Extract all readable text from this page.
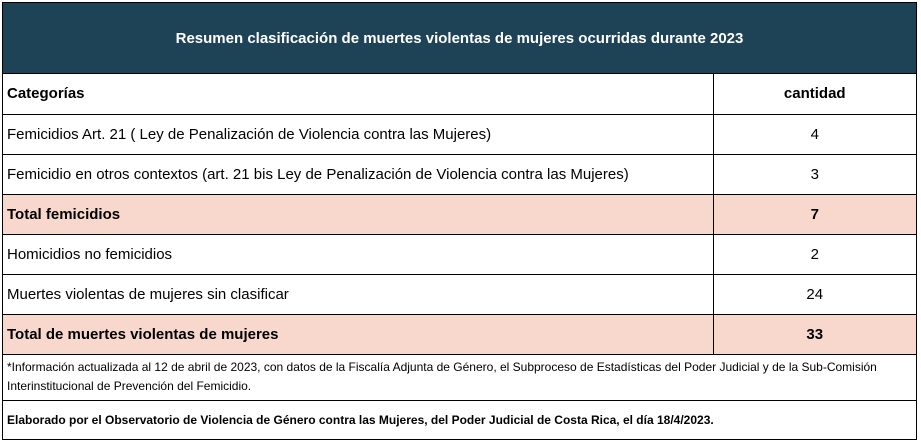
Resumen clasificación de muertes violentas de mujeres ocurridas durante 2023
Categorías	cantidad
Femicidios Art. 21 ( Ley de Penalización de Violencia contra las Mujeres)	4
Femicidio en otros contextos (art. 21 bis Ley de Penalización de Violencia contra las Mujeres)	3
Total femicidios	7
Homicidios no femicidios	2
Muertes violentas de mujeres sin clasificar	24
Total de muertes violentas de mujeres	33
*Información actualizada al 12 de abril de 2023, con datos de la Fiscalía Adjunta de Género, el Subproceso de Estadísticas del Poder Judicial y de la Sub-Comisión Interinstitucional de Prevención del Femicidio.
Elaborado por el Observatorio de Violencia de Género contra las Mujeres, del Poder Judicial de Costa Rica, el día 18/4/2023.
